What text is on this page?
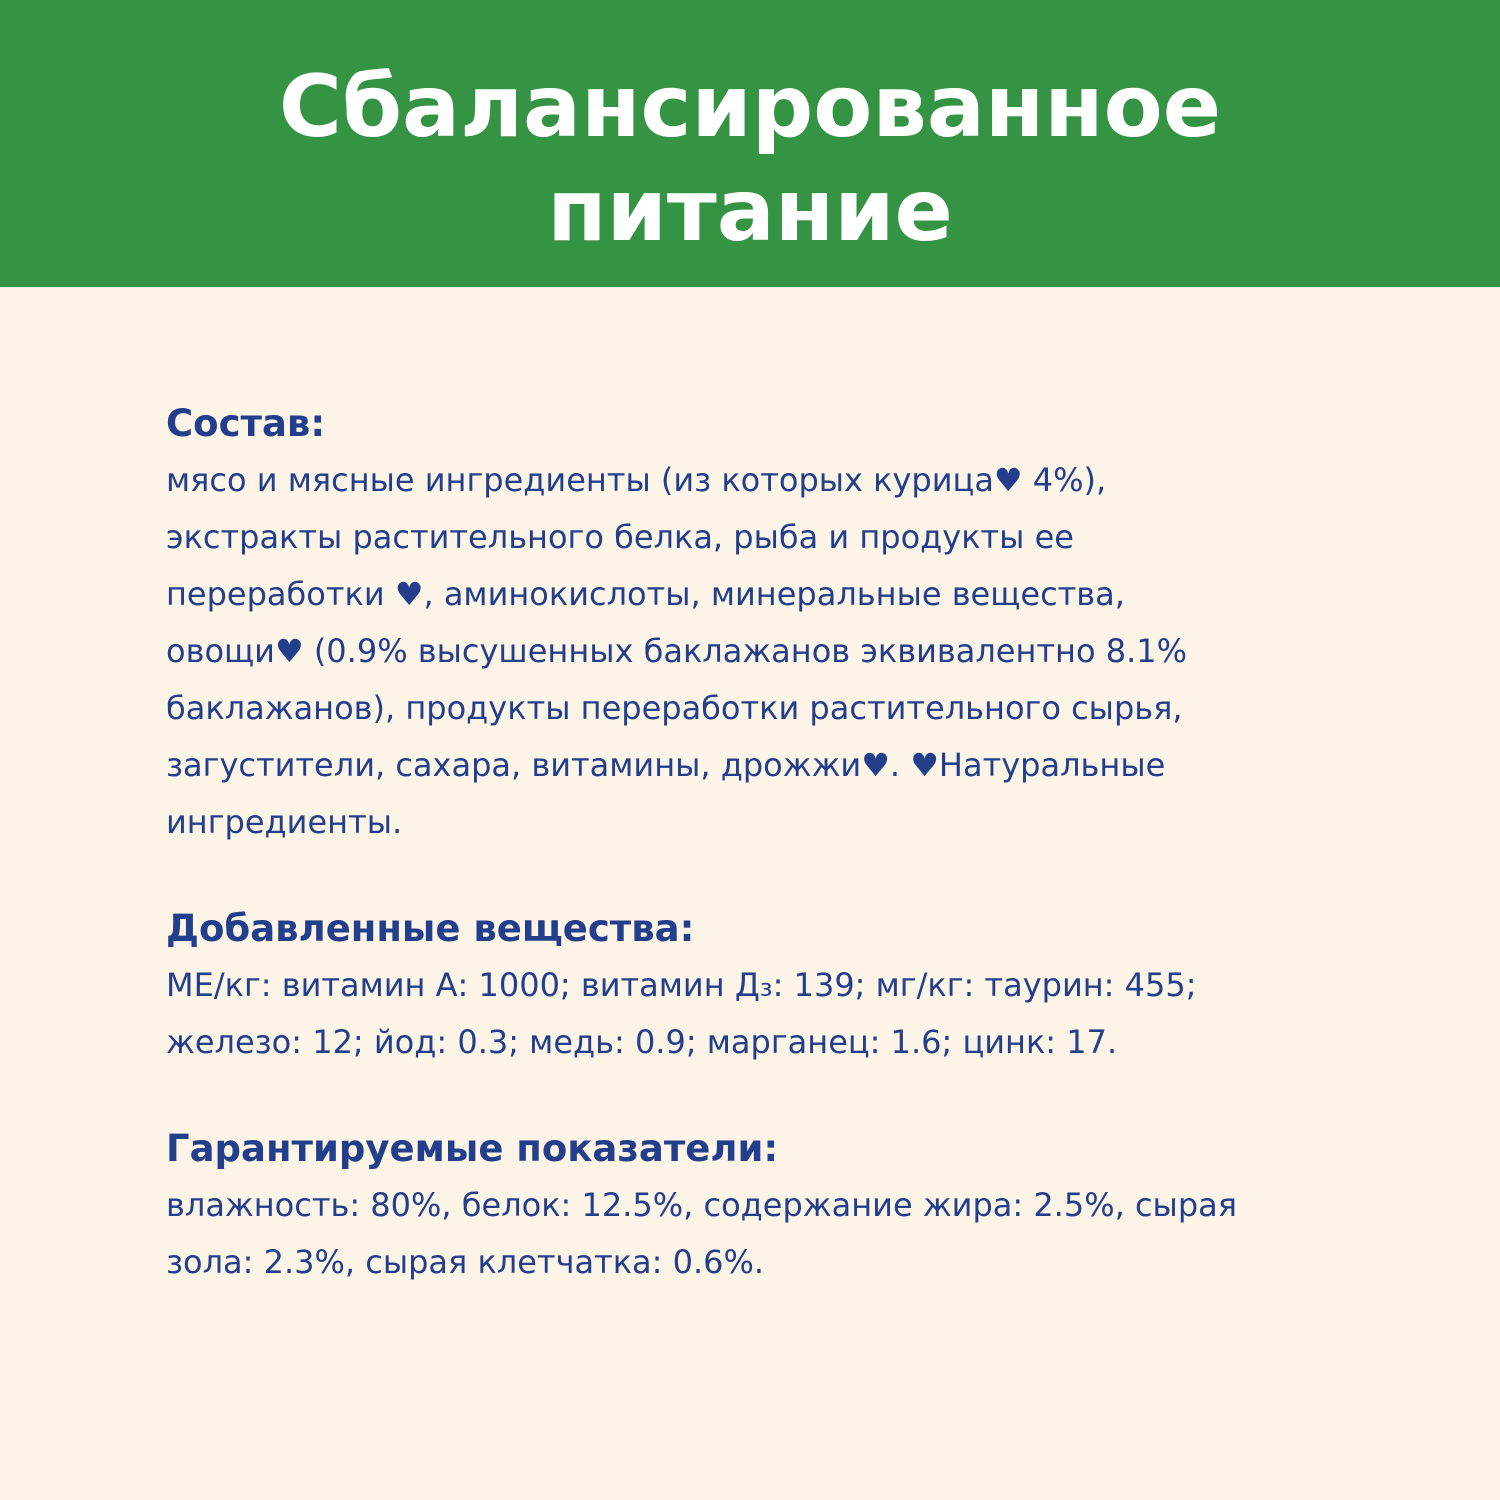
Сбалансированное
питание
Состав:

мясо и мясные ингредиенты (из которых курица♥ 4%),
экстракты растительного белка, рыба и продукты ее
переработки ♥, аминокислоты, минеральные вещества,
овощи♥ (0.9% высушенных баклажанов эквивалентно 8.1%
баклажанов), продукты переработки растительного сырья,
загустители, сахара, витамины, дрожжи♥. ♥Натуральные
ингредиенты.

Добавленные вещества:

МЕ/кг: витамин А: 1000; витамин Д₃: 139; мг/кг: таурин: 455;
железо: 12; йод: 0.3; медь: 0.9; марганец: 1.6; цинк: 17.

Гарантируемые показатели:

влажность: 80%, белок: 12.5%, содержание жира: 2.5%, сырая
зола: 2.3%, сырая клетчатка: 0.6%.
